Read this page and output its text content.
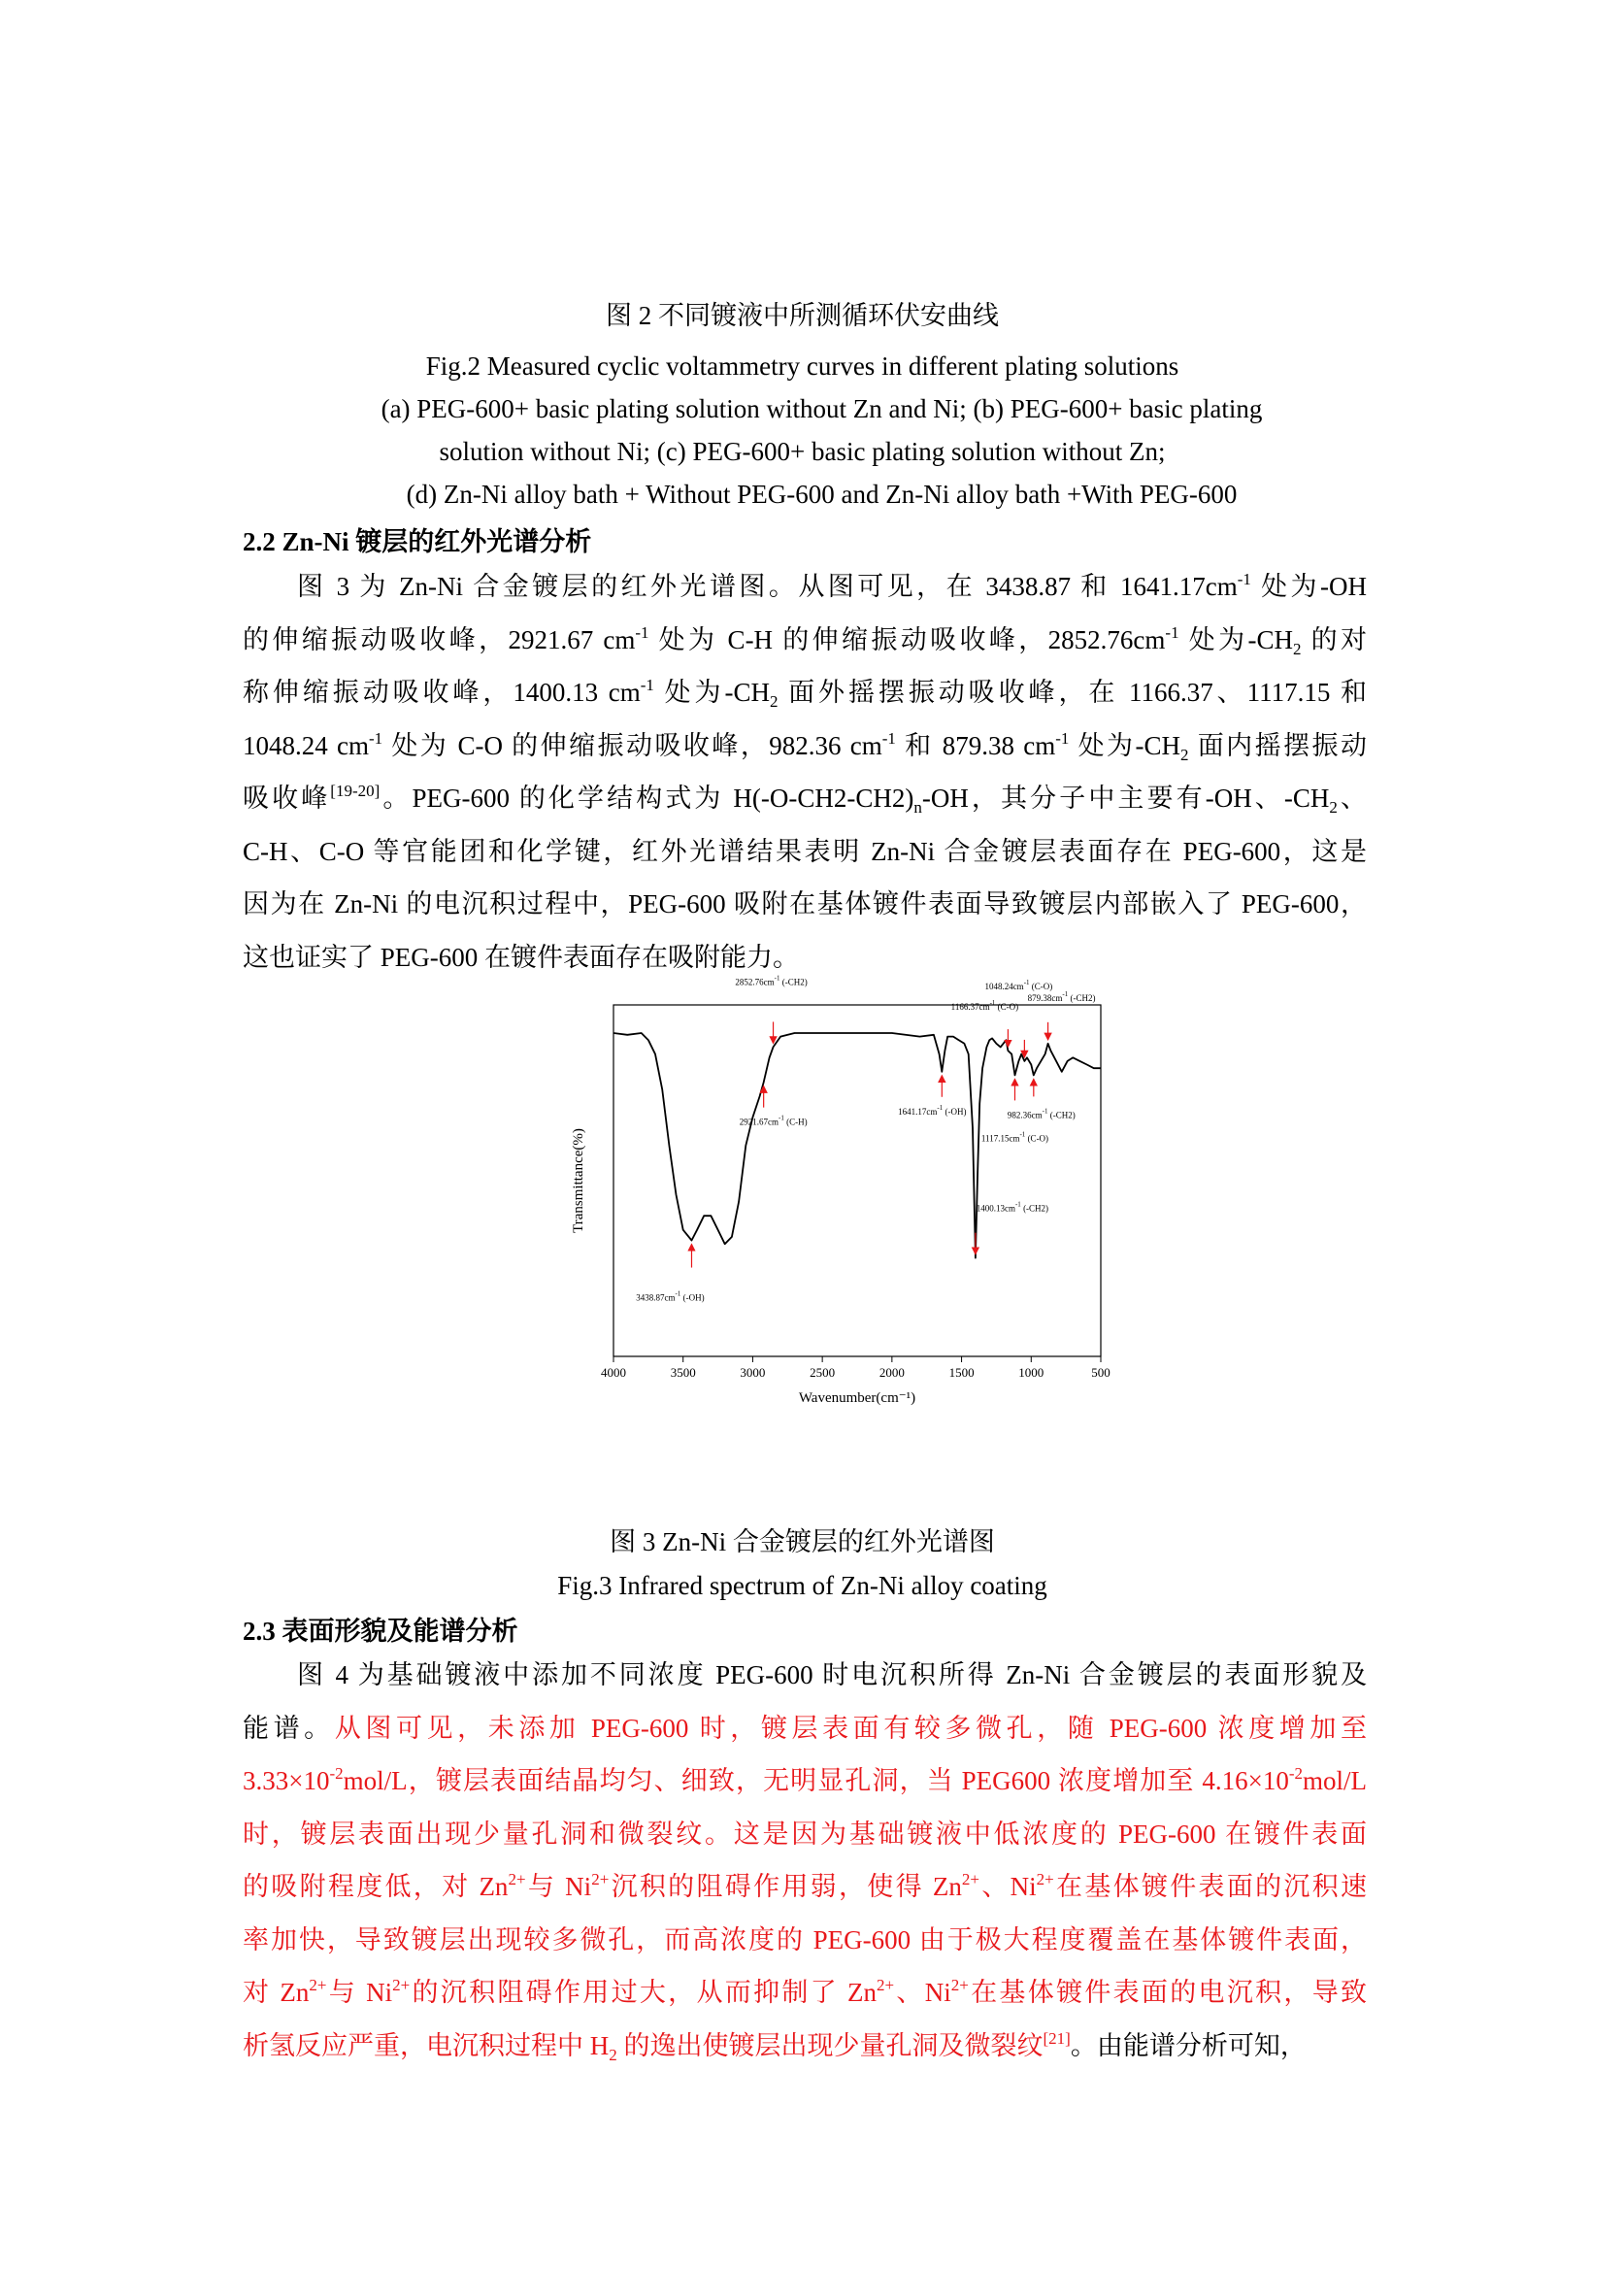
图 2 不同镀液中所测循环伏安曲线
Fig.2 Measured cyclic voltammetry curves in different plating solutions
(a) PEG-600+ basic plating solution without Zn and Ni; (b) PEG-600+ basic plating
solution without Ni; (c) PEG-600+ basic plating solution without Zn;
(d) Zn-Ni alloy bath + Without PEG-600 and Zn-Ni alloy bath +With PEG-600
2.2 Zn-Ni 镀层的红外光谱分析
图 3 为 Zn-Ni 合金镀层的红外光谱图。从图可见，在 3438.87 和 $1641.17cm^{-1}$ 处为-OH
的伸缩振动吸收峰，2921.67 $cm^{-1}$ 处为 C-H 的伸缩振动吸收峰，$2852.76cm^{-1}$ 处为$-CH_2$ 的对
称伸缩振动吸收峰，1400.13 $cm^{-1}$ 处为$-CH_2$ 面外摇摆振动吸收峰，在 1166.37、1117.15 和
1048.24 $cm^{-1}$ 处为 C-O 的伸缩振动吸收峰，982.36 $cm^{-1}$ 和 879.38 $cm^{-1}$ 处为$-CH_2$ 面内摇摆振动
吸收峰[19-20]。PEG-600 的化学结构式为 $H(-O-CH2-CH2)_n-OH$，其分子中主要有-OH、$-CH_2$、
C-H、C-O 等官能团和化学键，红外光谱结果表明 Zn-Ni 合金镀层表面存在 PEG-600，这是
因为在 Zn-Ni 的电沉积过程中，PEG-600 吸附在基体镀件表面导致镀层内部嵌入了 PEG-600，
这也证实了 PEG-600 在镀件表面存在吸附能力。
4000	3500	3000	2500	2000	1500	1000	500
Wavenumber(cm⁻¹)
Transmittance(%)
$3438.87cm^{-1}$ (-OH)
$2921.67cm^{-1}$ (C-H)
$2852.76cm^{-1}$ (-CH2)
$1641.17cm^{-1}$ (-OH)
$1400.13cm^{-1}$ (-CH2)
$1166.37cm^{-1}$ (C-O)
$1117.15cm^{-1}$ (C-O)
$1048.24cm^{-1}$ (C-O)
$982.36cm^{-1}$ (-CH2)
$879.38cm^{-1}$ (-CH2)
图 3 Zn-Ni 合金镀层的红外光谱图
Fig.3 Infrared spectrum of Zn-Ni alloy coating
2.3 表面形貌及能谱分析
图 4 为基础镀液中添加不同浓度 PEG-600 时电沉积所得 Zn-Ni 合金镀层的表面形貌及
能谱。从图可见，未添加 PEG-600 时，镀层表面有较多微孔，随 PEG-600 浓度增加至
$3.33\times 10^{-2}mol/L$，镀层表面结晶均匀、细致，无明显孔洞，当 PEG600 浓度增加至 $4.16\times 10^{-2}mol/L$
时，镀层表面出现少量孔洞和微裂纹。这是因为基础镀液中低浓度的 PEG-600 在镀件表面
的吸附程度低，对 $Zn^{2+}$与 $Ni^{2+}$沉积的阻碍作用弱，使得 $Zn^{2+}$、$Ni^{2+}$在基体镀件表面的沉积速
率加快，导致镀层出现较多微孔，而高浓度的 PEG-600 由于极大程度覆盖在基体镀件表面，
对 $Zn^{2+}$与 $Ni^{2+}$的沉积阻碍作用过大，从而抑制了 $Zn^{2+}$、$Ni^{2+}$在基体镀件表面的电沉积，导致
析氢反应严重，电沉积过程中 $H_2$ 的逸出使镀层出现少量孔洞及微裂纹[21]。由能谱分析可知，
